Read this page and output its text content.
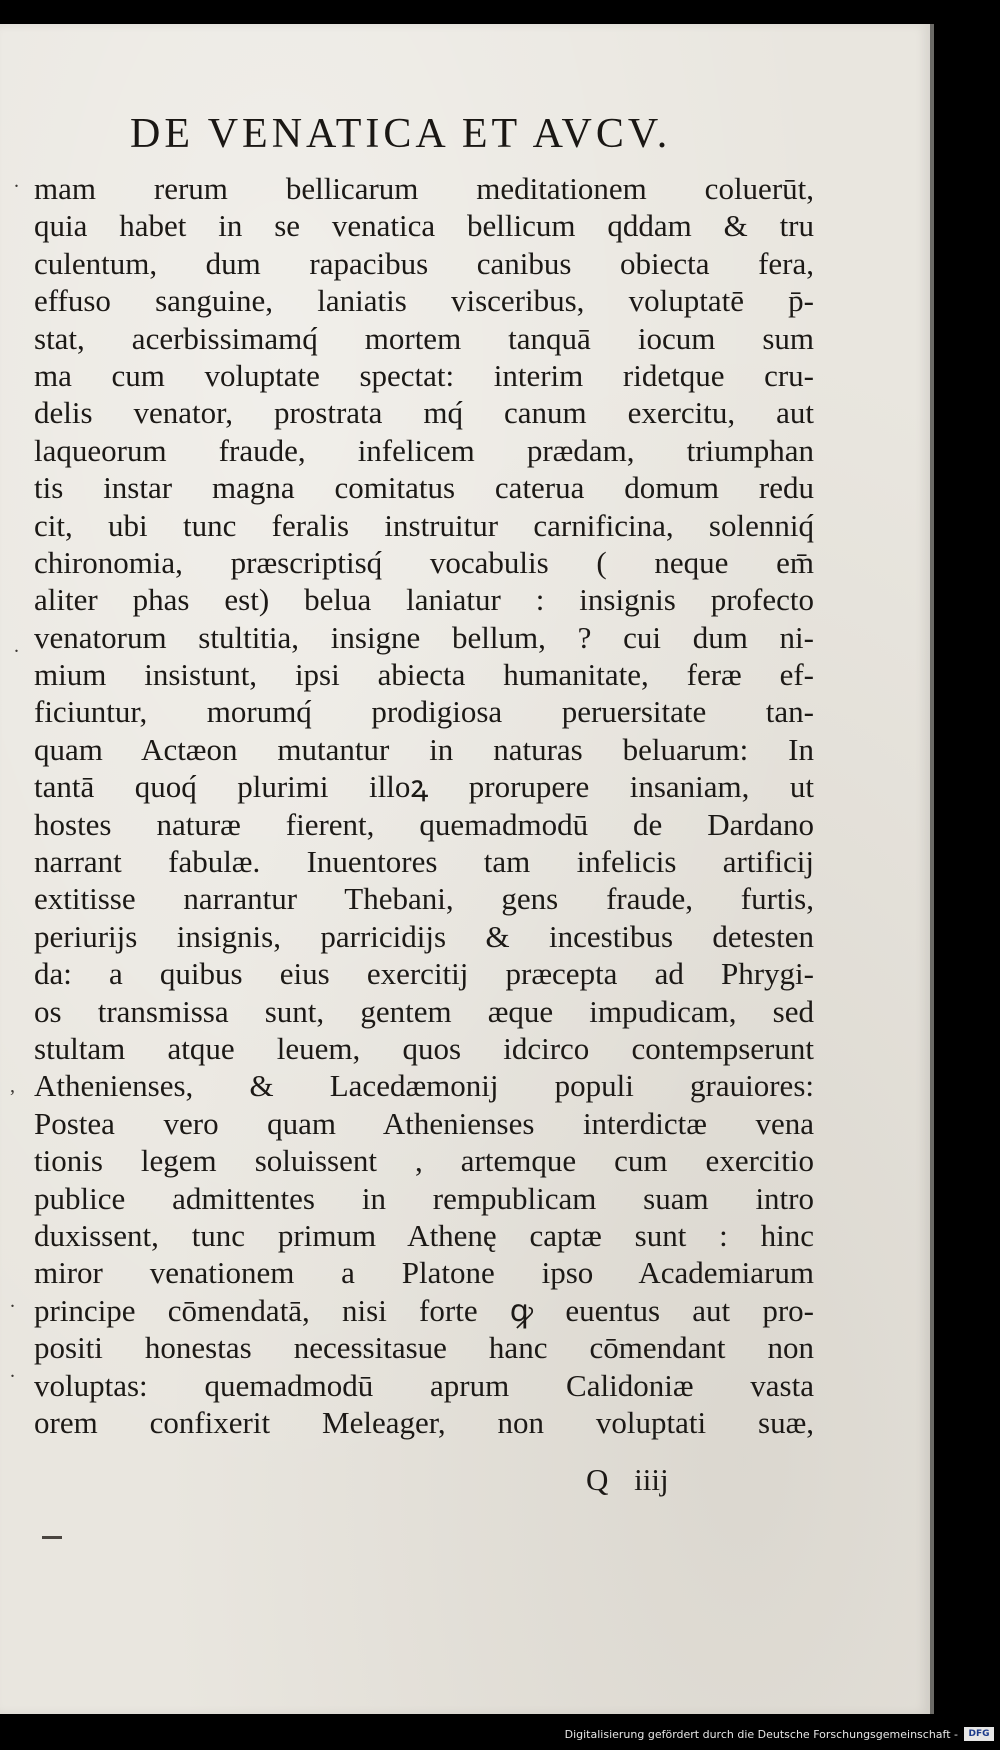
DE VENATICA ET AVCV.
mam rerum bellicarum meditationem coluerūt,
quia habet in se venatica bellicum qddam & tru
culentum, dum rapacibus canibus obiecta fera,
effuso sanguine, laniatis visceribus, voluptatē p̄-
stat, acerbissimamq́ mortem tanquā iocum sum
ma cum voluptate spectat: interim ridetque cru-
delis venator, prostrata mq́ canum exercitu, aut
laqueorum fraude, infelicem prædam, triumphan
tis instar magna comitatus caterua domum redu
cit, ubi tunc feralis instruitur carnificina, solenniq́
chironomia, præscriptisq́ vocabulis ( neque em̄
aliter phas est) belua laniatur : insignis profecto
venatorum stultitia, insigne bellum, ? cui dum ni-
mium insistunt, ipsi abiecta humanitate, feræ ef-
ficiuntur, morumq́ prodigiosa peruersitate tan-
quam Actæon mutantur in naturas beluarum: In
tantā quoq́ plurimi illoꝝ prorupere insaniam, ut
hostes naturæ fierent, quemadmodū de Dardano
narrant fabulæ. Inuentores tam infelicis artificij
extitisse narrantur Thebani, gens fraude, furtis,
periurijs insignis, parricidijs & incestibus detesten
da: a quibus eius exercitij præcepta ad Phrygi-
os transmissa sunt, gentem æque impudicam, sed
stultam atque leuem, quos idcirco contempserunt
Athenienses, & Lacedæmonij populi grauiores:
Postea vero quam Athenienses interdictæ vena
tionis legem soluissent , artemque cum exercitio
publice admittentes in rempublicam suam intro
duxissent, tunc primum Athenę captæ sunt : hinc
miror venationem a Platone ipso Academiarum
principe cōmendatā, nisi forte ꝙ euentus aut pro-
positi honestas necessitasue hanc cōmendant non
voluptas: quemadmodū aprum Calidoniæ vasta
orem confixerit Meleager, non voluptati suæ,
Q iiij
.
.
,
.
.
Digitalisierung gefördert durch die Deutsche Forschungsgemeinschaft -	DFG
